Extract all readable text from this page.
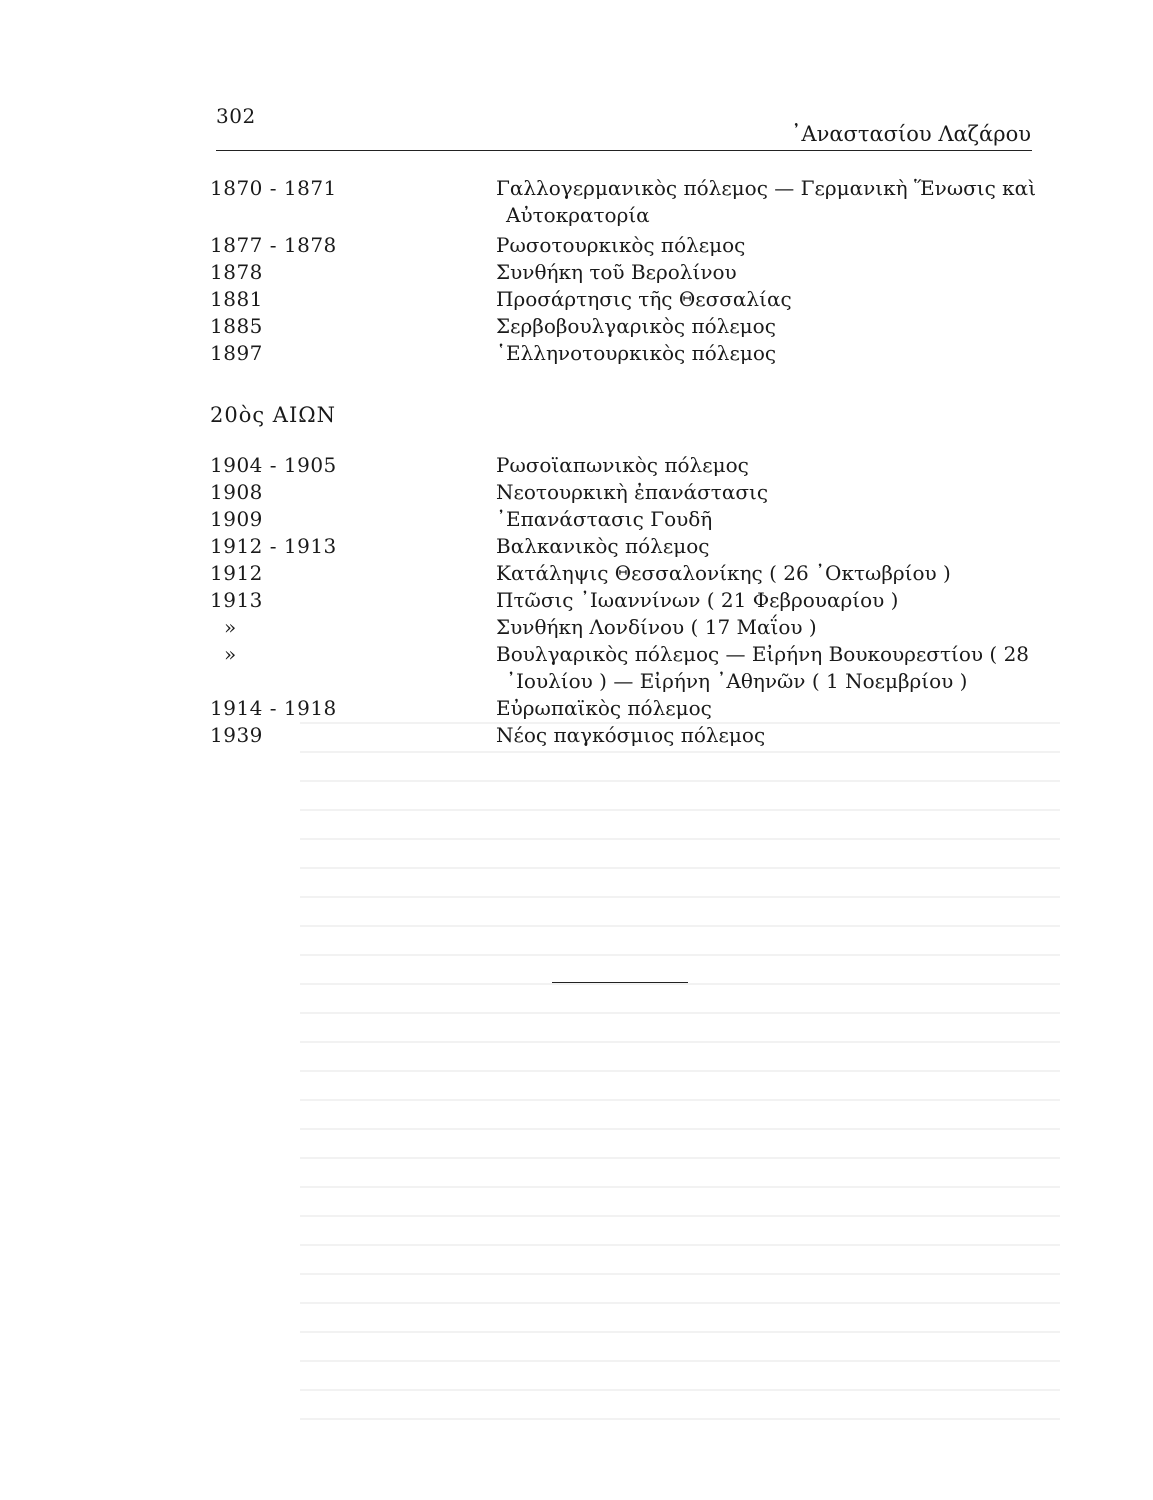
302
᾿Αναστασίου Λαζάρου
1870 - 1871	Γαλλογερμανικὸς πόλεμος — Γερμανικὴ Ἕνωσις καὶ
Αὐτοκρατορία
1877 - 1878	Ρωσοτουρκικὸς πόλεμος
1878	Συνθήκη τοῦ Βερολίνου
1881	Προσάρτησις τῆς Θεσσαλίας
1885	Σερβοβουλγαρικὸς πόλεμος
1897	῾Ελληνοτουρκικὸς πόλεμος
20ὸς ΑΙΩΝ
1904 - 1905	Ρωσοϊαπωνικὸς πόλεμος
1908	Νεοτουρκικὴ ἐπανάστασις
1909	᾿Επανάστασις Γουδῆ
1912 - 1913	Βαλκανικὸς πόλεμος
1912	Κατάληψις Θεσσαλονίκης ( 26 ᾿Οκτωβρίου )
1913	Πτῶσις ᾿Ιωαννίνων ( 21 Φεβρουαρίου )
»	Συνθήκη Λονδίνου ( 17 Μαΐου )
»	Βουλγαρικὸς πόλεμος — Εἰρήνη Βουκουρεστίου ( 28
᾿Ιουλίου ) — Εἰρήνη ᾿Αθηνῶν ( 1 Νοεμβρίου )
1914 - 1918	Εὐρωπαϊκὸς πόλεμος
1939	Νέος παγκόσμιος πόλεμος
